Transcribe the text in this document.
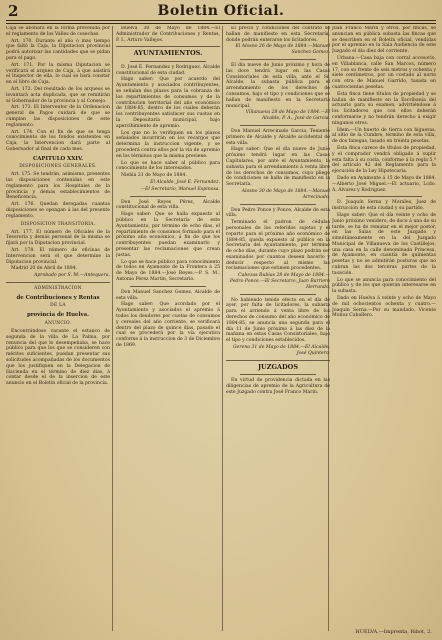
2	Boletin Oficial.

Caja se abonará en la forma prevenida por el reglamento de los Valles de cosechas.

Art. 170. Durante el año ó mas tiempo que faltó la Caja, la Diputacion provincial podrá autorizar las cantidades que se pidan para el pago.

Art. 171. Por la misma Diputacion se verificará el arqueo de Caja, á que asistirá el Inspector de ella, lo cual se hará constar en el libro de Caja.

Art. 172. Del resultado de los arqueos se levantará acta duplicada, que se remitirán al Gobernador de la provincia y al Consejo.

Art. 173. El Interventor de la Ordenacion general de Pagos cuidará de que se cumplan las disposiciones de este reglamento.

Art. 174. Con el fin de que se tenga conocimiento de los fondos existentes en Caja, la Intervencion dará parte al Gobernador al final de cada mes.

CAPITULO XXIV.
DISPOSICIONES GENERALES.

Art. 175. Se tendrán, asimismo, presentes las disposiciones contenidas en este reglamento para los Hospitales de la provincia y demás establecimientos de Beneficencia.

Art. 176. Quedan derogadas cuantas disposiciones se opongan á las del presente reglamento.

DISPOSICION TRANSITORIA.

Art. 177. El número de Oficiales de la Tesorería y demás personal de la misma se fijará por la Diputacion provincial.

Art. 178. El número de oficinas de Intervencion será el que determine la Diputacion provincial.

Madrid 20 de Abril de 1884.

Aprobado por S. M.—Antequera.

ADMINISTRACION
de Contribuciones y Rentas
DE LA
provincia de Huelva.
ANUNCIO.

Encontrándose vacante el estanco de segunda de la villa de La Palma, por renuncia del que lo desempeñaba, se hace público para que los que se consideren con méritos suficientes, puedan presentar sus solicitudes acompañadas de los documentos que los justifiquen en la Delegacion de Hacienda en el término de diez días, á contar desde el de la insercion de este anuncio en el Boletín oficial de la provincia.

Huelva 30 de Mayo de 1884.—El Administrador de Contribuciones y Rentas, P. I., Arturo Vallejos.

AYUNTAMIENTOS.

D. José E. Fernandez y Rodriguez, Alcalde constitucional de esta ciudad.

Hago saber: Que por acuerdo del Ayuntamiento y asociados contribuyentes, se señalan dos plazos para la cobranza de los repartimientos de consumos y de la contribucion territorial del año económico de 1884-85, dentro de los cuales deberán los contribuyentes satisfacer sus cuotas en la Depositaría municipal, bajo apercibimiento de apremio.

Los que no lo verifiquen en los plazos señalados incurrirán en los recargos que determina la instruccion vigente, y se procederá contra ellos por la vía de apremio en los términos que la misma previene.

Lo que se hace saber al público para conocimiento de los interesados.

Niebla 21 de Mayo de 1884.

El Alcalde, José E. Fernandez.

—El Secretario, Manuel Espinosa.

Don José Reyes Pérez, Alcalde constitucional de esta villa.

Hago saber: Que se halla expuesto al público en la Secretaría de este Ayuntamiento, por término de ocho días, el repartimiento de consumos formado para el próximo año económico, á fin de que los contribuyentes puedan examinarlo y presentar las reclamaciones que crean justas.

Lo que se hace público para conocimiento de todos en Ayamonte de la Frontera á 25 de Mayo de 1884.—José Reyes.—P. S. M., Antonio Pérez Martin, Secretario.

Don Manuel Sanchez Gomez, Alcalde de esta villa.

Hago saber: Que acordado por el Ayuntamiento y asociados el apremio á todos los deudores por cuotas de consumos y cereales del año corriente, se verificará dentro del plazo de quince días, pasado el cual se procederá por la vía ejecutiva conforme á la instruccion de 3 de Diciembre de 1869.

El precio y condiciones del contrato se hallan de manifiesto en esta Secretaría, donde podrán enterarse los licitadores.

El Alosno 26 de Mayo de 1884.—Manuel Sanchez Gomez.

El día nueve de Junio próximo y hora de las doce tendrá lugar en las Casas Consistoriales de esta villa, ante el Sr. Alcalde, la subasta pública para el arrendamiento de los derechos de consumos, bajo el tipo y condiciones que se hallan de manifiesto en la Secretaría municipal.

Villanueva 28 de Mayo de 1884.—El Alcalde, P. A., José de Garcia.

Don Manuel Arrecinado Garcia, Teniente primero de Alcalde y Alcalde accidental de esta villa.

Hago saber: Que el día nueve de Junio próximo tendrá lugar en las Casas Capitulares, por ante el Ayuntamiento, la subasta para el arrendamiento á venta libre de los derechos de consumos, cuyo pliego de condiciones se halla de manifiesto en la Secretaría.

Alosno 30 de Mayo de 1884.—Manuel Arrecinado.

Don Pedro Ponce y Ponce, Alcalde de esta villa.

Terminado el padron de cédulas personales de los referidos sujetos y el reparto para el próximo año económico de 1884-85, queda expuesto al público en la Secretaría del Ayuntamiento, por término de ocho días, durante cuyo plazo podrán ser examinados por cuantos deseen hacerlo y deducir respecto al mismo las reclamaciones que estimen procedentes.

Cabezas Rubias 28 de Mayo de 1884.—Pedro Ponce.—El Secretario, Juan Barriero Herrando.

No habiendo tenido efecto en el día de ayer, por falta de licitadores, la subasta para el arriendo á venta libre de los derechos de consumo del año económico de 1884-85, se anuncia una segunda para el día 11 de Junio próximo á las diez de la mañana en estas Casas Consistoriales, bajo el tipo y condiciones establecidos.

Gerena 31 de Mayo de 1884.—El Alcalde, José Quintero.

JUZGADOS

En virtud de providencia dictada en las diligencias de apremio de la Agricultura de este Juzgado contra José Franco Marín.

Juan Franco Marín y otros, por fincas, se anuncian en pública subasta las fincas que se describen en el Boletín oficial, vendidas por el apremio en la Sala Audiencia de este Juzgado el día diez del corriente.

Urbana.—Casa baja con corral accesorio, en Villablanca, calle San Marcos, número 17, con su frente de seis metros y ochenta y siete centímetros, por un costado al norte con otra de Manuel Garrido, tasada en cuatrocientas pesetas.

Esta finca tiene títulos de propiedad y se hallan de manifiesto en la Escribanía del actuario para su examen, advirtiéndose á los licitadores que con ellos deberán conformarse y no tendrán derecho á exigir ningunos otros.

Ídem.—Un huerto de tierra con higueras, al sitio de la Cumbre, término de esta villa, de dos fanegas, tasado en treinta pesetas.

Esta finca carece de títulos de propiedad, y el comprador vendrá obligado á suplir esta falta á su costa, conforme á la regla 5.ª del artículo 42 del Reglamento para la ejecución de la Ley Hipotecaria.

Dado en Ayamonte á 15 de Mayo de 1884.—Alberto José Miguel.—El actuario, Lcdo. A. Álvarez y Rodriguez.

D. Joaquín Serna y Morales, Juez de instrucción de esta ciudad y su partido.

Hago saber: Que el día veinte y ocho de Junio próximo venidero, de doce á una de su tarde, se ha de rematar en el mejor postor, en las Salas de este Juzgado y simultáneamente en la del Juzgado Municipal de Villanueva de los Castillejos, una casa en la calle denominada Princesa, de Ayamonte, en cuantía de quinientas pesetas y no se admitirán posturas que no cubran las dos terceras partes de la tasación.

Lo que se anuncia para conocimiento del público y de los que quieran interesarse en la subasta.

Dado en Huelva á veinte y ocho de Mayo de mil ochocientos ochenta y cuatro.—Joaquín Serna.—Por su mandado, Vicente Muñoz Caballero.

HUELVA.—Imprenta, Ribot, 2.
